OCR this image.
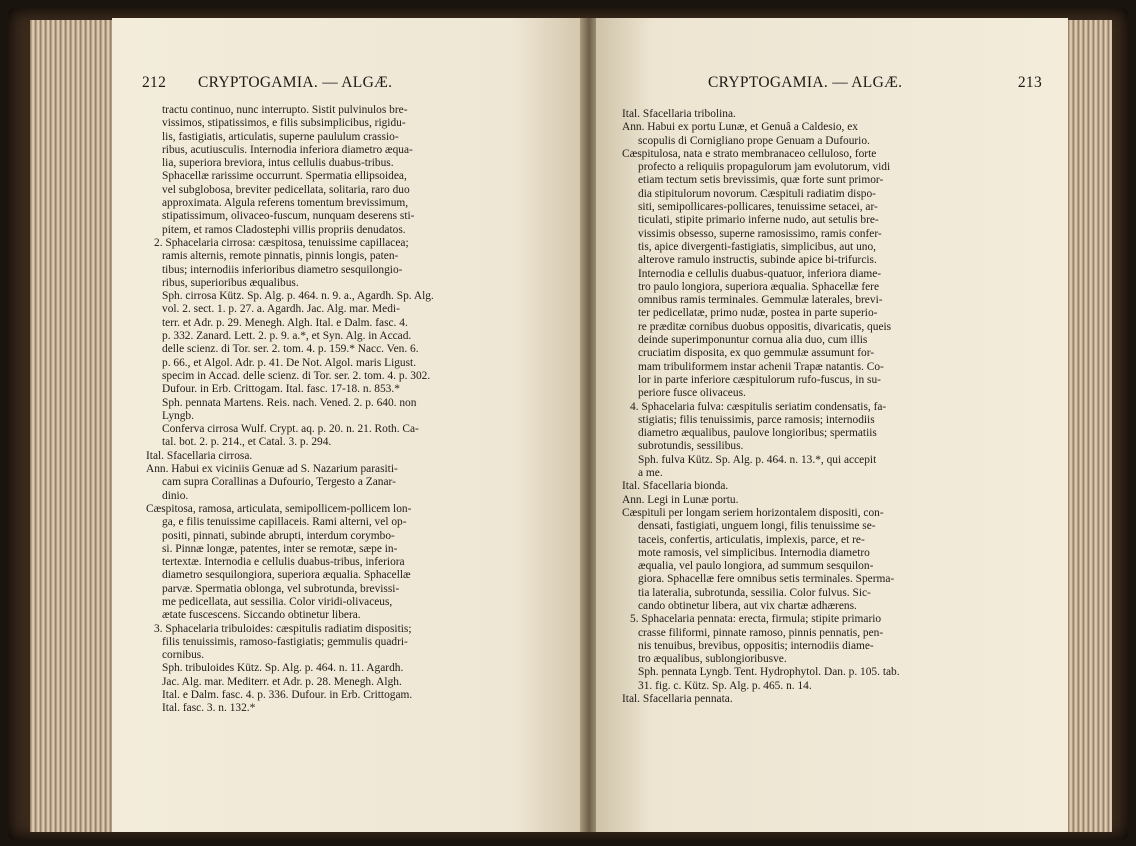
212 CRYPTOGAMIA. — ALGÆ.
tractu continuo, nunc interrupto. Sistit pulvinulos bre-
vissimos, stipatissimos, e filis subsimplicibus, rigidu-
lis, fastigiatis, articulatis, superne paululum crassio-
ribus, acutiusculis. Internodia inferiora diametro æqua-
lia, superiora breviora, intus cellulis duabus-tribus.
Sphacellæ rarissime occurrunt. Spermatia ellipsoidea,
vel subglobosa, breviter pedicellata, solitaria, raro duo
approximata. Algula referens tomentum brevissimum,
stipatissimum, olivaceo-fuscum, nunquam deserens sti-
pitem, et ramos Cladostephi villis propriis denudatos.
2. Sphacelaria cirrosa: cæspitosa, tenuissime capillacea;
ramis alternis, remote pinnatis, pinnis longis, paten-
tibus; internodiis inferioribus diametro sesquilongio-
ribus, superioribus æqualibus.
Sph. cirrosa Kütz. Sp. Alg. p. 464. n. 9. a., Agardh. Sp. Alg.
vol. 2. sect. 1. p. 27. a. Agardh. Jac. Alg. mar. Medi-
terr. et Adr. p. 29. Menegh. Algh. Ital. e Dalm. fasc. 4.
p. 332. Zanard. Lett. 2. p. 9. a.*, et Syn. Alg. in Accad.
delle scienz. di Tor. ser. 2. tom. 4. p. 159.* Nacc. Ven. 6.
p. 66., et Algol. Adr. p. 41. De Not. Algol. maris Ligust.
specim in Accad. delle scienz. di Tor. ser. 2. tom. 4. p. 302.
Dufour. in Erb. Crittogam. Ital. fasc. 17-18. n. 853.*
Sph. pennata Martens. Reis. nach. Vened. 2. p. 640. non
Lyngb.
Conferva cirrosa Wulf. Crypt. aq. p. 20. n. 21. Roth. Ca-
tal. bot. 2. p. 214., et Catal. 3. p. 294.
Ital. Sfacellaria cirrosa.
Ann. Habui ex viciniis Genuæ ad S. Nazarium parasiti-
cam supra Corallinas a Dufourio, Tergesto a Zanar-
dinio.
Cæspitosa, ramosa, articulata, semipollicem-pollicem lon-
ga, e filis tenuissime capillaceis. Rami alterni, vel op-
positi, pinnati, subinde abrupti, interdum corymbo-
si. Pinnæ longæ, patentes, inter se remotæ, sæpe in-
tertextæ. Internodia e cellulis duabus-tribus, inferiora
diametro sesquilongiora, superiora æqualia. Sphacellæ
parvæ. Spermatia oblonga, vel subrotunda, brevissi-
me pedicellata, aut sessilia. Color viridi-olivaceus,
ætate fuscescens. Siccando obtinetur libera.
3. Sphacelaria tribuloides: cæspitulis radiatim dispositis;
filis tenuissimis, ramoso-fastigiatis; gemmulis quadri-
cornibus.
Sph. tribuloides Kütz. Sp. Alg. p. 464. n. 11. Agardh.
Jac. Alg. mar. Mediterr. et Adr. p. 28. Menegh. Algh.
Ital. e Dalm. fasc. 4. p. 336. Dufour. in Erb. Crittogam.
Ital. fasc. 3. n. 132.*
CRYPTOGAMIA. — ALGÆ.	213
Ital. Sfacellaria tribolina.
Ann. Habui ex portu Lunæ, et Genuâ a Caldesio, ex
scopulis di Cornigliano prope Genuam a Dufourio.
Cæspitulosa, nata e strato membranaceo celluloso, forte
profecto a reliquiis propagulorum jam evolutorum, vidi
etiam tectum setis brevissimis, quæ forte sunt primor-
dia stipitulorum novorum. Cæspituli radiatim dispo-
siti, semipollicares-pollicares, tenuissime setacei, ar-
ticulati, stipite primario inferne nudo, aut setulis bre-
vissimis obsesso, superne ramosissimo, ramis confer-
tis, apice divergenti-fastigiatis, simplicibus, aut uno,
alterove ramulo instructis, subinde apice bi-trifurcis.
Internodia e cellulis duabus-quatuor, inferiora diame-
tro paulo longiora, superiora æqualia. Sphacellæ fere
omnibus ramis terminales. Gemmulæ laterales, brevi-
ter pedicellatæ, primo nudæ, postea in parte superio-
re præditæ cornibus duobus oppositis, divaricatis, queis
deinde superimponuntur cornua alia duo, cum illis
cruciatim disposita, ex quo gemmulæ assumunt for-
mam tribuliformem instar achenii Trapæ natantis. Co-
lor in parte inferiore cæspitulorum rufo-fuscus, in su-
periore fusce olivaceus.
4. Sphacelaria fulva: cæspitulis seriatim condensatis, fa-
stigiatis; filis tenuissimis, parce ramosis; internodiis
diametro æqualibus, paulove longioribus; spermatiis
subrotundis, sessilibus.
Sph. fulva Kütz. Sp. Alg. p. 464. n. 13.*, qui accepit
a me.
Ital. Sfacellaria bionda.
Ann. Legi in Lunæ portu.
Cæspituli per longam seriem horizontalem dispositi, con-
densati, fastigiati, unguem longi, filis tenuissime se-
taceis, confertis, articulatis, implexis, parce, et re-
mote ramosis, vel simplicibus. Internodia diametro
æqualia, vel paulo longiora, ad summum sesquilon-
giora. Sphacellæ fere omnibus setis terminales. Sperma-
tia lateralia, subrotunda, sessilia. Color fulvus. Sic-
cando obtinetur libera, aut vix chartæ adhærens.
5. Sphacelaria pennata: erecta, firmula; stipite primario
crasse filiformi, pinnate ramoso, pinnis pennatis, pen-
nis tenuibus, brevibus, oppositis; internodiis diame-
tro æqualibus, sublongioribusve.
Sph. pennata Lyngb. Tent. Hydrophytol. Dan. p. 105. tab.
31. fig. c. Kütz. Sp. Alg. p. 465. n. 14.
Ital. Sfacellaria pennata.
